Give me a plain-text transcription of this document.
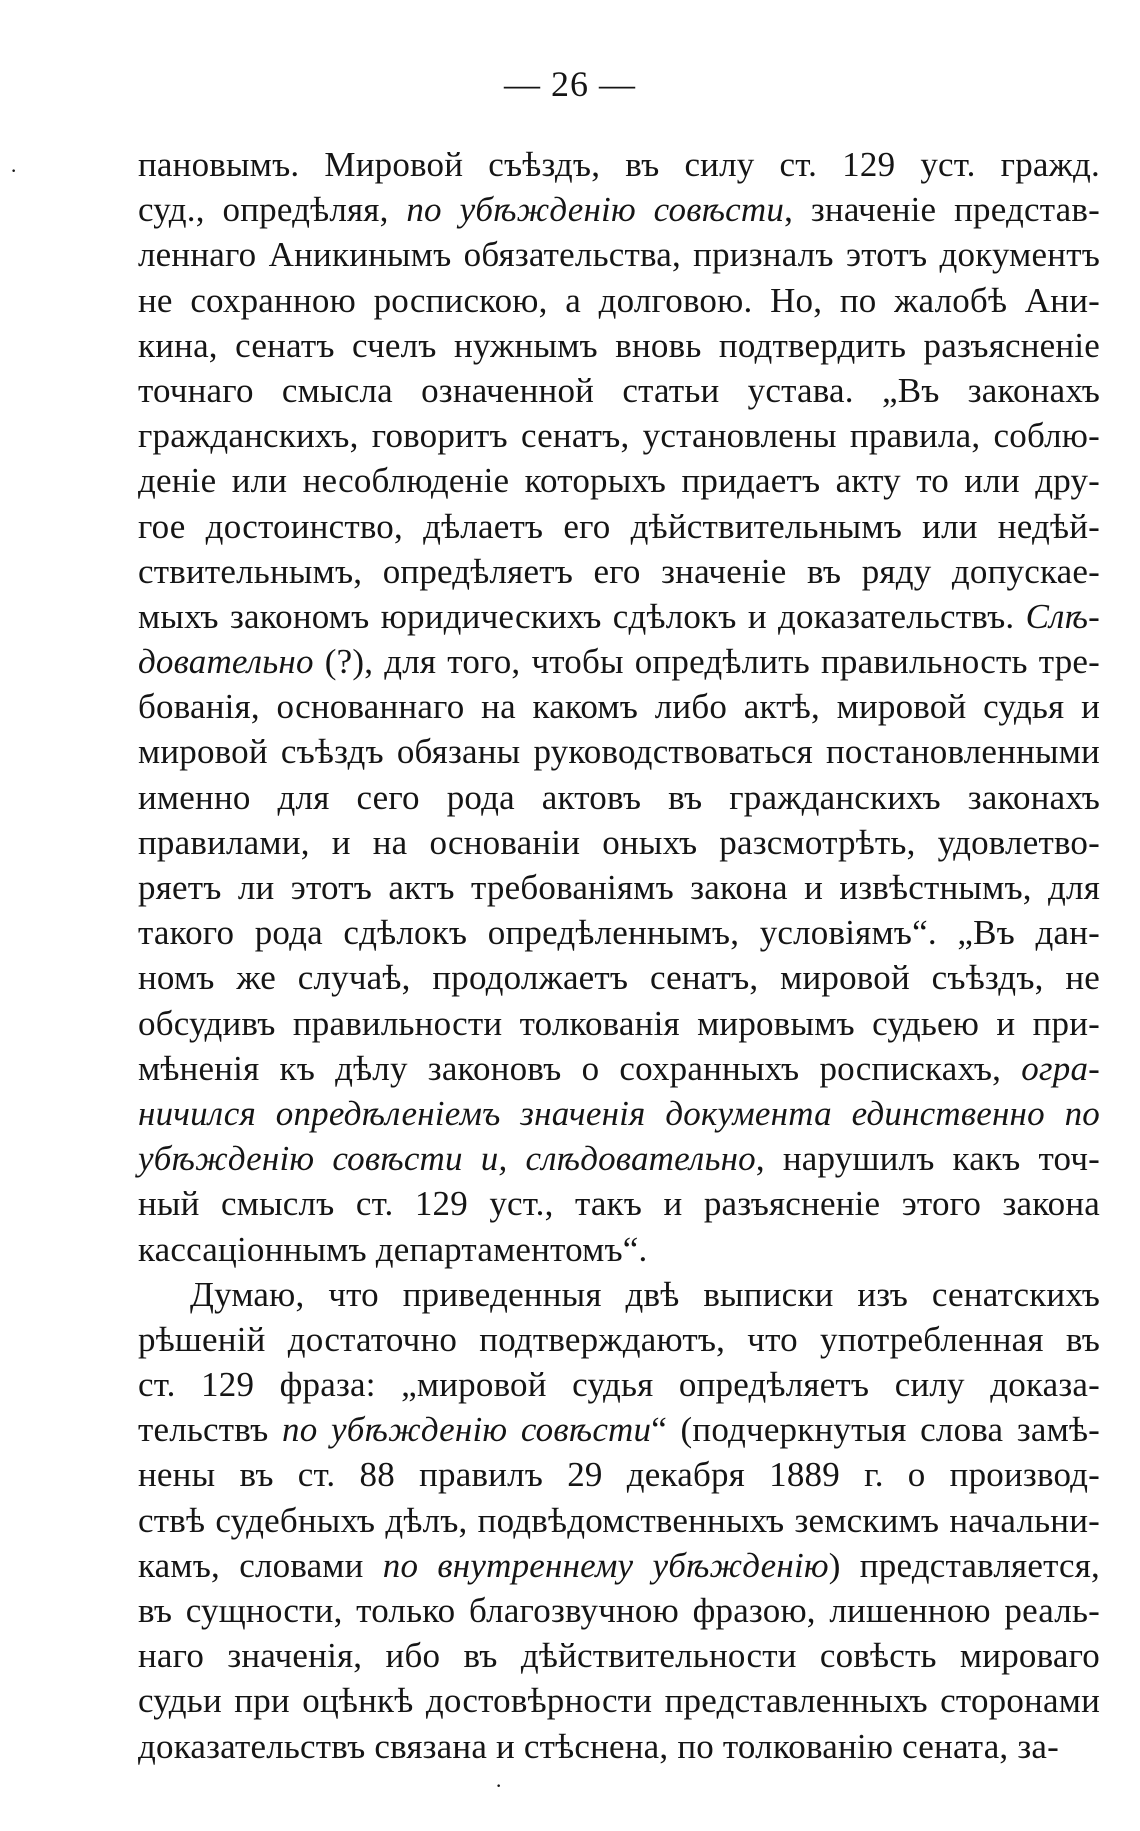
— 26 —
пановымъ. Мировой съѣздъ, въ силу ст. 129 уст. гражд.
суд., опредѣляя, по убѣжденію совѣсти, значеніе представ-
леннаго Аникинымъ обязательства, призналъ этотъ документъ
не сохранною роспискою, а долговою. Но, по жалобѣ Ани-
кина, сенатъ счелъ нужнымъ вновь подтвердить разъясненіе
точнаго смысла означенной статьи устава. „Въ законахъ
гражданскихъ, говоритъ сенатъ, установлены правила, соблю-
деніе или несоблюденіе которыхъ придаетъ акту то или дру-
гое достоинство, дѣлаетъ его дѣйствительнымъ или недѣй-
ствительнымъ, опредѣляетъ его значеніе въ ряду допускае-
мыхъ закономъ юридическихъ сдѣлокъ и доказательствъ. Слѣ-
довательно (?), для того, чтобы опредѣлить правильность тре-
бованія, основаннаго на какомъ либо актѣ, мировой судья и
мировой съѣздъ обязаны руководствоваться постановленными
именно для сего рода актовъ въ гражданскихъ законахъ
правилами, и на основаніи оныхъ разсмотрѣть, удовлетво-
ряетъ ли этотъ актъ требованіямъ закона и извѣстнымъ, для
такого рода сдѣлокъ опредѣленнымъ, условіямъ“. „Въ дан-
номъ же случаѣ, продолжаетъ сенатъ, мировой съѣздъ, не
обсудивъ правильности толкованія мировымъ судьею и при-
мѣненія къ дѣлу законовъ о сохранныхъ роспискахъ, огра-
ничился опредѣленіемъ значенія документа единственно по
убѣжденію совѣсти и, слѣдовательно, нарушилъ какъ точ-
ный смыслъ ст. 129 уст., такъ и разъясненіе этого закона
кассаціоннымъ департаментомъ“.
Думаю, что приведенныя двѣ выписки изъ сенатскихъ
рѣшеній достаточно подтверждаютъ, что употребленная въ
ст. 129 фраза: „мировой судья опредѣляетъ силу доказа-
тельствъ по убѣжденію совѣсти“ (подчеркнутыя слова замѣ-
нены въ ст. 88 правилъ 29 декабря 1889 г. о производ-
ствѣ судебныхъ дѣлъ, подвѣдомственныхъ земскимъ начальни-
камъ, словами по внутреннему убѣжденію) представляется,
въ сущности, только благозвучною фразою, лишенною реаль-
наго значенія, ибо въ дѣйствительности совѣсть мироваго
судьи при оцѣнкѣ достовѣрности представленныхъ сторонами
доказательствъ связана и стѣснена, по толкованію сената, за-
·
·
